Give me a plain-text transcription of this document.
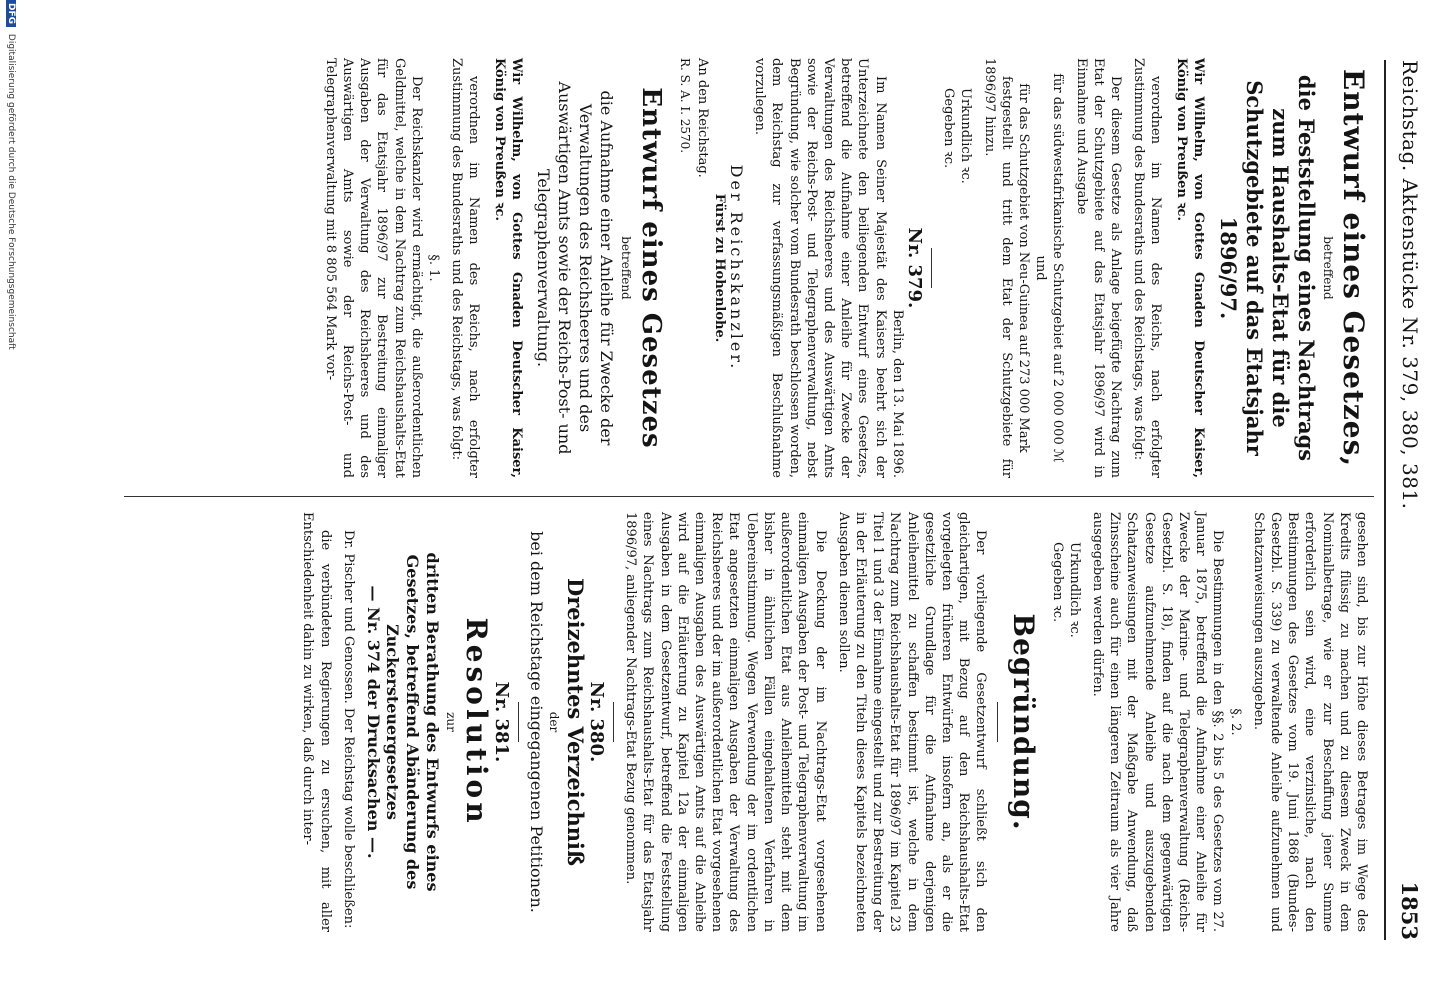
Reichstag. Aktenstücke Nr. 379, 380, 381.
1853
Entwurf eines Gesetzes,
betreffend
die Feststellung eines Nachtrags zum Haushalts-Etat für die Schutzgebiete auf das Etatsjahr 1896/97.
Wir Wilhelm, von Gottes Gnaden Deutscher Kaiser, König von Preußen ꝛc.

verordnen im Namen des Reichs, nach erfolgter Zustimmung des Bundesraths und des Reichstags, was folgt:

Der diesem Gesetze als Anlage beigefügte Nachtrag zum Etat der Schutzgebiete auf das Etatsjahr 1896/97 wird in Einnahme und Ausgabe

für das südwestafrikanische Schutzgebiet auf 2 000 000 ℳ
und
für das Schutzgebiet von Neu-Guinea auf 273 000 Mark

festgestellt und tritt dem Etat der Schutzgebiete für 1896/97 hinzu.

Urkundlich ꝛc.
Gegeben ꝛc.
Nr. 379.
Berlin, den 13. Mai 1896.

Im Namen Seiner Majestät des Kaisers beehrt sich der Unterzeichnete den beiliegenden Entwurf eines Gesetzes, betreffend die Aufnahme einer Anleihe für Zwecke der Verwaltungen des Reichsheeres und des Auswärtigen Amts sowie der Reichs-Post- und Telegraphenverwaltung, nebst Begründung, wie solcher vom Bundesrath beschlossen worden, dem Reichstag zur verfassungsmäßigen Beschlußnahme vorzulegen.

Der Reichskanzler.
Fürst zu Hohenlohe.
An den Reichstag.
R. S. A. I. 2570.
Entwurf eines Gesetzes
betreffend
die Aufnahme einer Anleihe für Zwecke der Verwaltungen des Reichsheeres und des Auswärtigen Amts sowie der Reichs-Post- und Telegraphenverwaltung.
Wir Wilhelm, von Gottes Gnaden Deutscher Kaiser, König von Preußen ꝛc.

verordnen im Namen des Reichs, nach erfolgter Zustimmung des Bundesraths und des Reichstags, was folgt:

§. 1.

Der Reichskanzler wird ermächtigt, die außerordentlichen Geldmittel, welche in dem Nachtrag zum Reichshaushalts-Etat für das Etatsjahr 1896/97 zur Bestreitung einmaliger Ausgaben der Verwaltung des Reichsheeres und des Auswärtigen Amts sowie der Reichs-Post- und Telegraphenverwaltung mit 8 805 564 Mark vor-

gesehen sind, bis zur Höhe dieses Betrages im Wege des Kredits flüssig zu machen und zu diesem Zweck in dem Nominalbetrage, wie er zur Beschaffung jener Summe erforderlich sein wird, eine verzinsliche, nach den Bestimmungen des Gesetzes vom 19. Juni 1868 (Bundes-Gesetzbl. S. 339) zu verwaltende Anleihe aufzunehmen und Schatzanweisungen auszugeben.

§. 2.

Die Bestimmungen in den §§. 2 bis 5 des Gesetzes vom 27. Januar 1875, betreffend die Aufnahme einer Anleihe für Zwecke der Marine- und Telegraphenverwaltung (Reichs-Gesetzbl. S. 18), finden auf die nach dem gegenwärtigen Gesetze aufzunehmende Anleihe und auszugebenden Schatzanweisungen mit der Maßgabe Anwendung, daß Zinsscheine auch für einen längeren Zeitraum als vier Jahre ausgegeben werden dürfen.

Urkundlich ꝛc.
Gegeben ꝛc.
Begründung.

Der vorliegende Gesetzentwurf schließt sich den gleichartigen, mit Bezug auf den Reichshaushalts-Etat vorgelegten früheren Entwürfen insofern an, als er die gesetzliche Grundlage für die Aufnahme derjenigen Anleihemittel zu schaffen bestimmt ist, welche in dem Nachtrag zum Reichshaushalts-Etat für 1896/97 im Kapitel 23 Titel 1 und 3 der Einnahme eingestellt und zur Bestreitung der in der Erläuterung zu den Titeln dieses Kapitels bezeichneten Ausgaben dienen sollen.

Die Deckung der im Nachtrags-Etat vorgesehenen einmaligen Ausgaben der Post- und Telegraphenverwaltung im außerordentlichen Etat aus Anleihemitteln steht mit dem bisher in ähnlichen Fällen eingehaltenen Verfahren in Uebereinstimmung. Wegen Verwendung der im ordentlichen Etat angesetzten einmaligen Ausgaben der Verwaltung des Reichsheeres und der im außerordentlichen Etat vorgesehenen einmaligen Ausgaben des Auswärtigen Amts auf die Anleihe wird auf die Erläuterung zu Kapitel 12a der einmaligen Ausgaben in dem Gesetzentwurf, betreffend die Feststellung eines Nachtrags zum Reichshaushalts-Etat für das Etatsjahr 1896/97, anliegender Nachtrags-Etat Bezug genommen.

Nr. 380.
Dreizehntes Verzeichniß
der
bei dem Reichstage eingegangenen Petitionen.
Nr. 381.
Resolution
zur
dritten Berathung des Entwurfs eines Gesetzes, betreffend Abänderung des Zuckersteuergesetzes
— Nr. 374 der Drucksachen —.

Dr. Pischer und Genossen. Der Reichstag wolle beschließen:

die verbündeten Regierungen zu ersuchen, mit aller Entschiedenheit dahin zu wirken, daß durch inter-

DFG Digitalisierung gefördert durch die Deutsche Forschungsgemeinschaft
